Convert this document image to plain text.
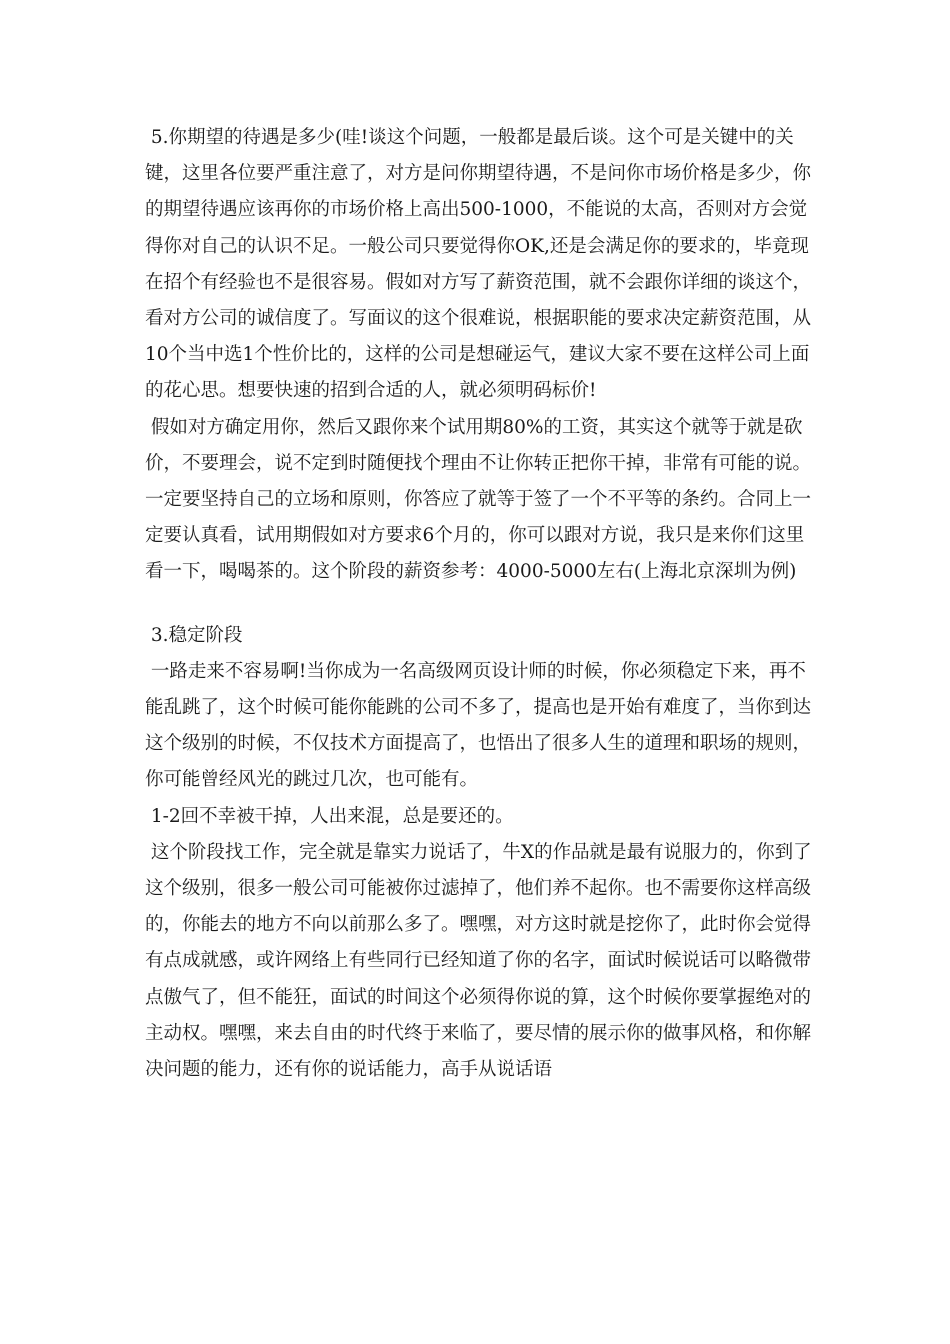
5.你期望的待遇是多少(哇!谈这个问题，一般都是最后谈。这个可是关键中的关键，这里各位要严重注意了，对方是问你期望待遇，不是问你市场价格是多少，你的期望待遇应该再你的市场价格上高出500-1000，不能说的太高，否则对方会觉得你对自己的认识不足。一般公司只要觉得你OK,还是会满足你的要求的，毕竟现在招个有经验也不是很容易。假如对方写了薪资范围，就不会跟你详细的谈这个，看对方公司的诚信度了。写面议的这个很难说，根据职能的要求决定薪资范围，从10个当中选1个性价比的，这样的公司是想碰运气，建议大家不要在这样公司上面的花心思。想要快速的招到合适的人，就必须明码标价!

假如对方确定用你，然后又跟你来个试用期80%的工资，其实这个就等于就是砍价，不要理会，说不定到时随便找个理由不让你转正把你干掉，非常有可能的说。一定要坚持自己的立场和原则，你答应了就等于签了一个不平等的条约。合同上一定要认真看，试用期假如对方要求6个月的，你可以跟对方说，我只是来你们这里看一下，喝喝茶的。这个阶段的薪资参考：4000-5000左右(上海北京深圳为例)

3.稳定阶段

一路走来不容易啊!当你成为一名高级网页设计师的时候，你必须稳定下来，再不能乱跳了，这个时候可能你能跳的公司不多了，提高也是开始有难度了，当你到达这个级别的时候，不仅技术方面提高了，也悟出了很多人生的道理和职场的规则，你可能曾经风光的跳过几次，也可能有。

1-2回不幸被干掉，人出来混，总是要还的。

这个阶段找工作，完全就是靠实力说话了，牛X的作品就是最有说服力的，你到了这个级别，很多一般公司可能被你过滤掉了，他们养不起你。也不需要你这样高级的，你能去的地方不向以前那么多了。嘿嘿，对方这时就是挖你了，此时你会觉得有点成就感，或许网络上有些同行已经知道了你的名字，面试时候说话可以略微带点傲气了，但不能狂，面试的时间这个必须得你说的算，这个时候你要掌握绝对的主动权。嘿嘿，来去自由的时代终于来临了，要尽情的展示你的做事风格，和你解决问题的能力，还有你的说话能力，高手从说话语
